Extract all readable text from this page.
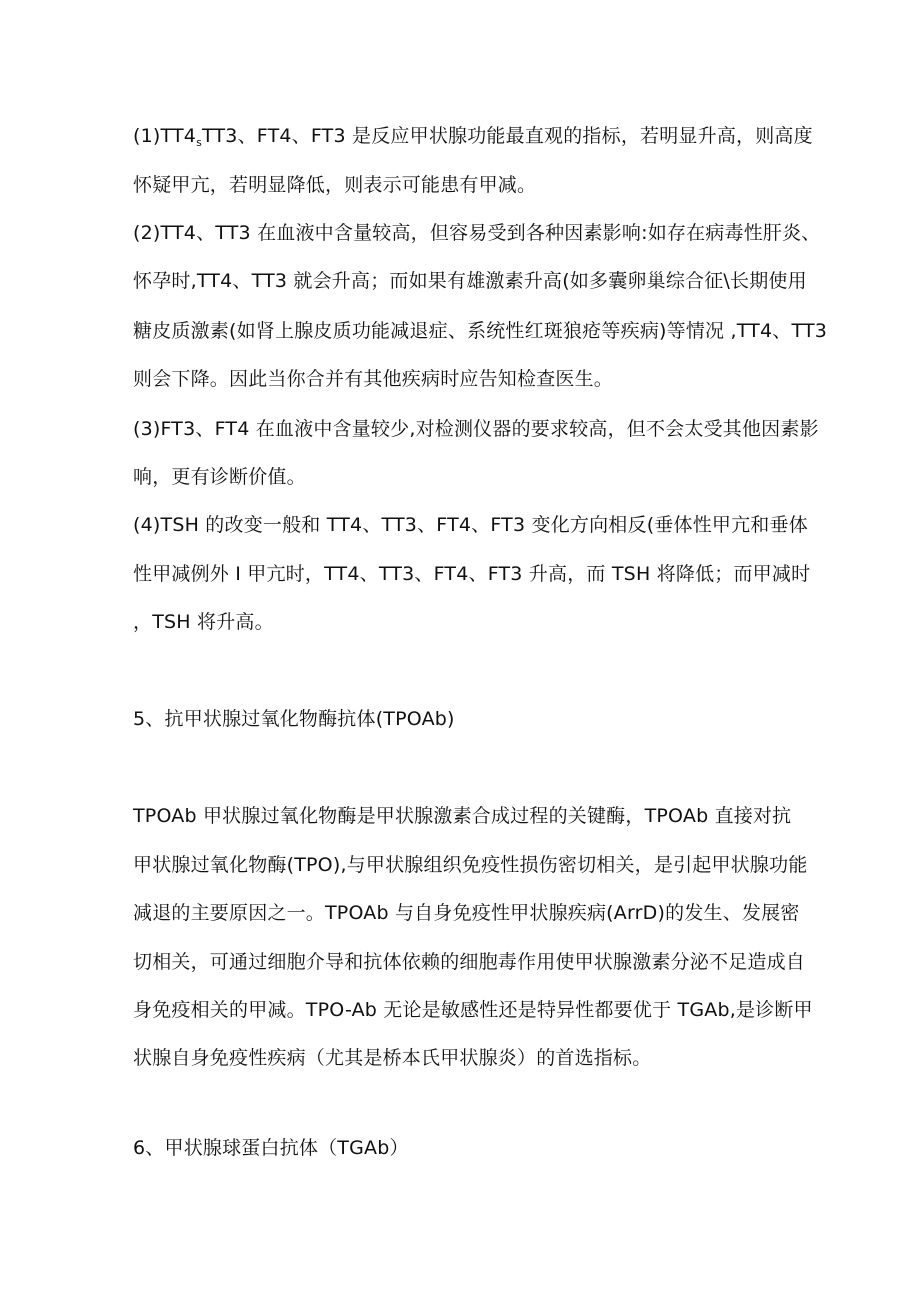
$(1)TT4_sTT3$、FT4、FT3 是反应甲状腺功能最直观的指标，若明显升高，则高度
怀疑甲亢，若明显降低，则表示可能患有甲减。
(2)TT4、TT3 在血液中含量较高，但容易受到各种因素影响:如存在病毒性肝炎、
怀孕时,TT4、TT3 就会升高；而如果有雄激素升高(如多囊卵巢综合征\长期使用
糖皮质激素(如肾上腺皮质功能减退症、系统性红斑狼疮等疾病)等情况 ,TT4、TT3
则会下降。因此当你合并有其他疾病时应告知检查医生。
(3)FT3、FT4 在血液中含量较少,对检测仪器的要求较高，但不会太受其他因素影
响，更有诊断价值。
(4)TSH 的改变一般和 TT4、TT3、FT4、FT3 变化方向相反(垂体性甲亢和垂体
性甲减例外 I 甲亢时，TT4、TT3、FT4、FT3 升高，而 TSH 将降低；而甲减时
，TSH 将升高。
5、抗甲状腺过氧化物酶抗体(TPOAb)
TPOAb 甲状腺过氧化物酶是甲状腺激素合成过程的关键酶，TPOAb 直接对抗
甲状腺过氧化物酶(TPO),与甲状腺组织免疫性损伤密切相关，是引起甲状腺功能
减退的主要原因之一。TPOAb 与自身免疫性甲状腺疾病(ArrD)的发生、发展密
切相关，可通过细胞介导和抗体依赖的细胞毒作用使甲状腺激素分泌不足造成自
身免疫相关的甲减。TPO-Ab 无论是敏感性还是特异性都要优于 TGAb,是诊断甲
状腺自身免疫性疾病（尤其是桥本氏甲状腺炎）的首选指标。
6、甲状腺球蛋白抗体（TGAb）
